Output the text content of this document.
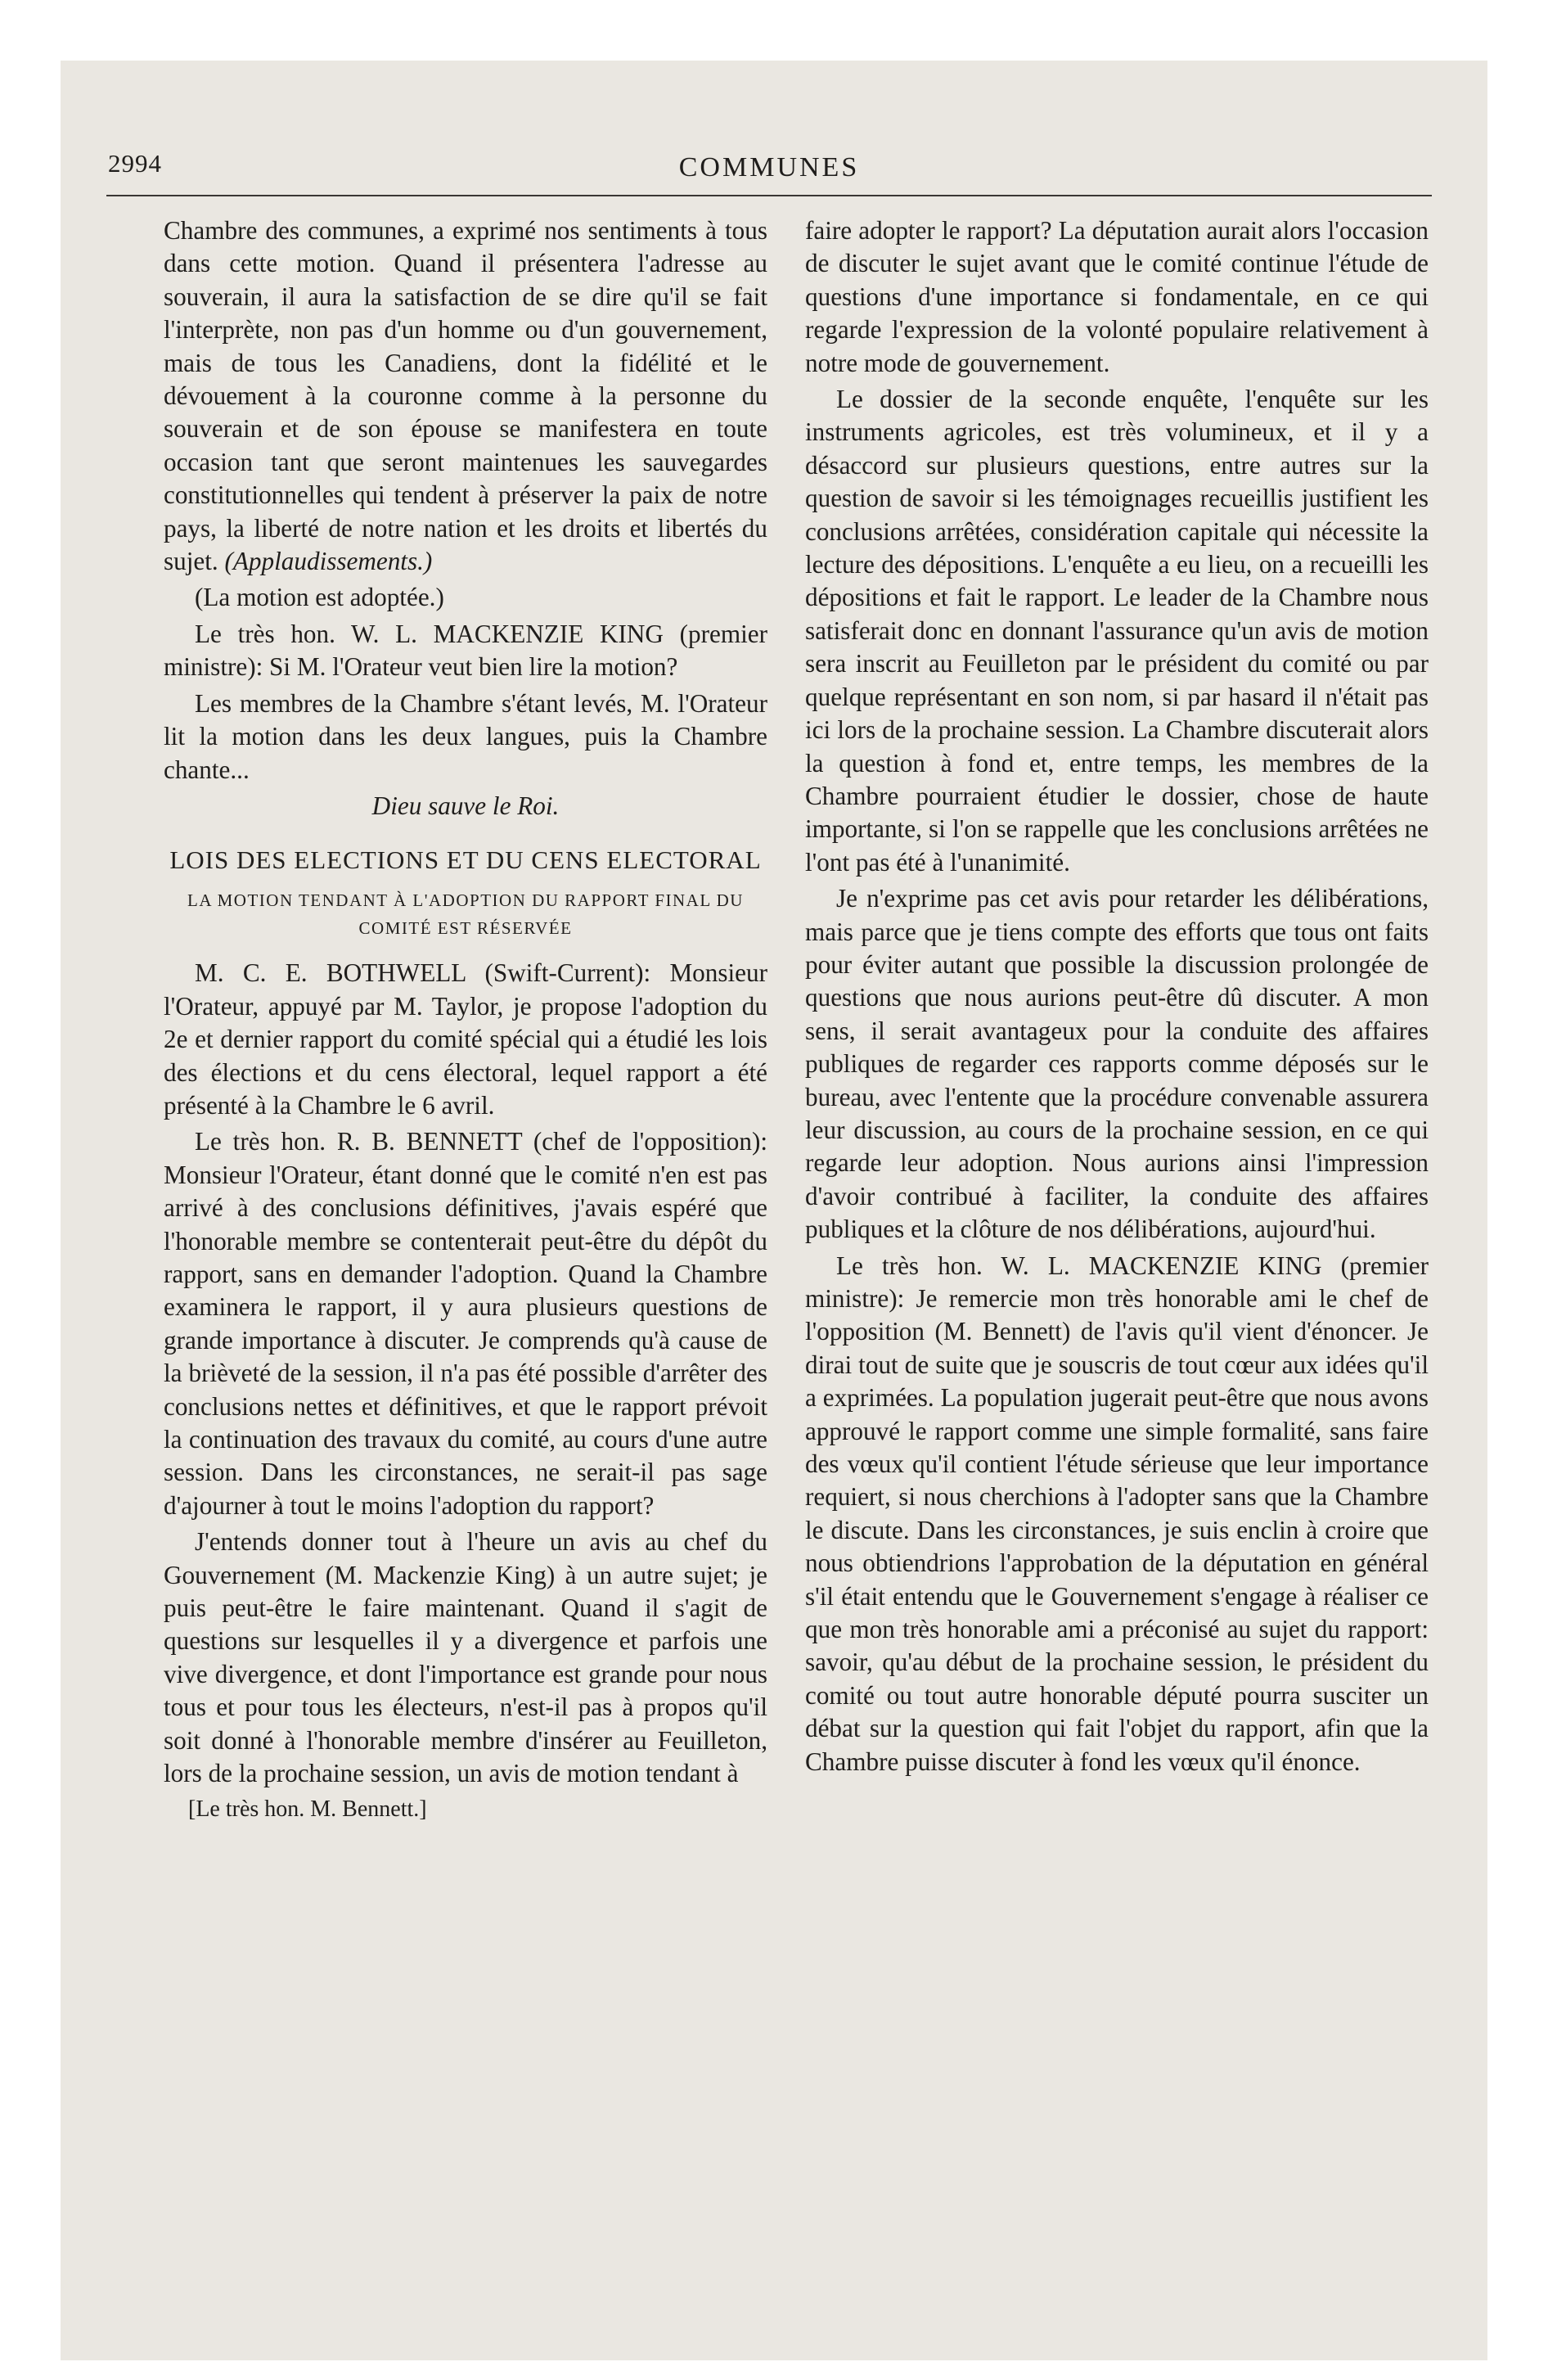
2994	COMMUNES

Chambre des communes, a exprimé nos sentiments à tous dans cette motion. Quand il présentera l'adresse au souverain, il aura la satisfaction de se dire qu'il se fait l'interprète, non pas d'un homme ou d'un gouvernement, mais de tous les Canadiens, dont la fidélité et le dévouement à la couronne comme à la personne du souverain et de son épouse se manifestera en toute occasion tant que seront maintenues les sauvegardes constitutionnelles qui tendent à préserver la paix de notre pays, la liberté de notre nation et les droits et libertés du sujet. (Applaudissements.)

(La motion est adoptée.)

Le très hon. W. L. MACKENZIE KING (premier ministre): Si M. l'Orateur veut bien lire la motion?

Les membres de la Chambre s'étant levés, M. l'Orateur lit la motion dans les deux langues, puis la Chambre chante...

Dieu sauve le Roi.

LOIS DES ELECTIONS ET DU CENS ELECTORAL
LA MOTION TENDANT À L'ADOPTION DU RAPPORT FINAL DU COMITÉ EST RÉSERVÉE

M. C. E. BOTHWELL (Swift-Current): Monsieur l'Orateur, appuyé par M. Taylor, je propose l'adoption du 2e et dernier rapport du comité spécial qui a étudié les lois des élections et du cens électoral, lequel rapport a été présenté à la Chambre le 6 avril.

Le très hon. R. B. BENNETT (chef de l'opposition): Monsieur l'Orateur, étant donné que le comité n'en est pas arrivé à des conclusions définitives, j'avais espéré que l'honorable membre se contenterait peut-être du dépôt du rapport, sans en demander l'adoption. Quand la Chambre examinera le rapport, il y aura plusieurs questions de grande importance à discuter. Je comprends qu'à cause de la brièveté de la session, il n'a pas été possible d'arrêter des conclusions nettes et définitives, et que le rapport prévoit la continuation des travaux du comité, au cours d'une autre session. Dans les circonstances, ne serait-il pas sage d'ajourner à tout le moins l'adoption du rapport?

J'entends donner tout à l'heure un avis au chef du Gouvernement (M. Mackenzie King) à un autre sujet; je puis peut-être le faire maintenant. Quand il s'agit de questions sur lesquelles il y a divergence et parfois une vive divergence, et dont l'importance est grande pour nous tous et pour tous les électeurs, n'est-il pas à propos qu'il soit donné à l'honorable membre d'insérer au Feuilleton, lors de la prochaine session, un avis de motion tendant à

[Le très hon. M. Bennett.]

faire adopter le rapport? La députation aurait alors l'occasion de discuter le sujet avant que le comité continue l'étude de questions d'une importance si fondamentale, en ce qui regarde l'expression de la volonté populaire relativement à notre mode de gouvernement.

Le dossier de la seconde enquête, l'enquête sur les instruments agricoles, est très volumineux, et il y a désaccord sur plusieurs questions, entre autres sur la question de savoir si les témoignages recueillis justifient les conclusions arrêtées, considération capitale qui nécessite la lecture des dépositions. L'enquête a eu lieu, on a recueilli les dépositions et fait le rapport. Le leader de la Chambre nous satisferait donc en donnant l'assurance qu'un avis de motion sera inscrit au Feuilleton par le président du comité ou par quelque représentant en son nom, si par hasard il n'était pas ici lors de la prochaine session. La Chambre discuterait alors la question à fond et, entre temps, les membres de la Chambre pourraient étudier le dossier, chose de haute importante, si l'on se rappelle que les conclusions arrêtées ne l'ont pas été à l'unanimité.

Je n'exprime pas cet avis pour retarder les délibérations, mais parce que je tiens compte des efforts que tous ont faits pour éviter autant que possible la discussion prolongée de questions que nous aurions peut-être dû discuter. A mon sens, il serait avantageux pour la conduite des affaires publiques de regarder ces rapports comme déposés sur le bureau, avec l'entente que la procédure convenable assurera leur discussion, au cours de la prochaine session, en ce qui regarde leur adoption. Nous aurions ainsi l'impression d'avoir contribué à faciliter, la conduite des affaires publiques et la clôture de nos délibérations, aujourd'hui.

Le très hon. W. L. MACKENZIE KING (premier ministre): Je remercie mon très honorable ami le chef de l'opposition (M. Bennett) de l'avis qu'il vient d'énoncer. Je dirai tout de suite que je souscris de tout cœur aux idées qu'il a exprimées. La population jugerait peut-être que nous avons approuvé le rapport comme une simple formalité, sans faire des vœux qu'il contient l'étude sérieuse que leur importance requiert, si nous cherchions à l'adopter sans que la Chambre le discute. Dans les circonstances, je suis enclin à croire que nous obtiendrions l'approbation de la députation en général s'il était entendu que le Gouvernement s'engage à réaliser ce que mon très honorable ami a préconisé au sujet du rapport: savoir, qu'au début de la prochaine session, le président du comité ou tout autre honorable député pourra susciter un débat sur la question qui fait l'objet du rapport, afin que la Chambre puisse discuter à fond les vœux qu'il énonce.
